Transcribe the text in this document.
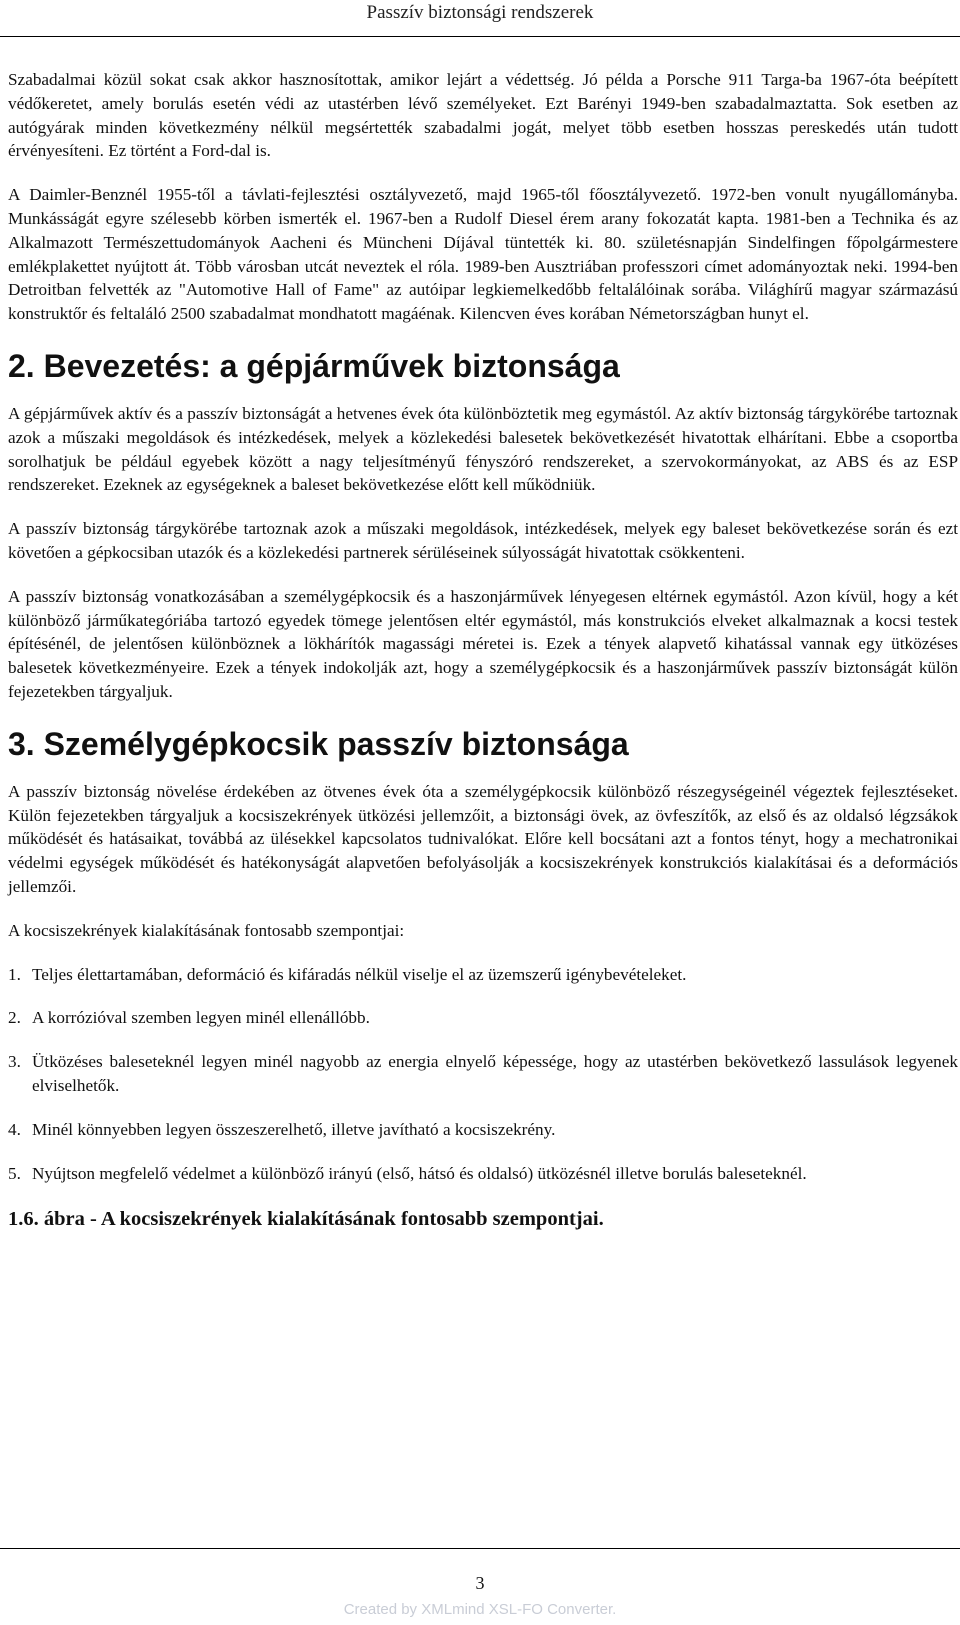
Passzív biztonsági rendszerek

Szabadalmai közül sokat csak akkor hasznosítottak, amikor lejárt a védettség. Jó példa a Porsche 911 Targa-ba 1967-óta beépített védőkeretet, amely borulás esetén védi az utastérben lévő személyeket. Ezt Barényi 1949-ben szabadalmaztatta. Sok esetben az autógyárak minden következmény nélkül megsértették szabadalmi jogát, melyet több esetben hosszas pereskedés után tudott érvényesíteni. Ez történt a Ford-dal is.

A Daimler-Benznél 1955-től a távlati-fejlesztési osztályvezető, majd 1965-től főosztályvezető. 1972-ben vonult nyugállományba. Munkásságát egyre szélesebb körben ismerték el. 1967-ben a Rudolf Diesel érem arany fokozatát kapta. 1981-ben a Technika és az Alkalmazott Természettudományok Aacheni és Müncheni Díjával tüntették ki. 80. születésnapján Sindelfingen főpolgármestere emlékplakettet nyújtott át. Több városban utcát neveztek el róla. 1989-ben Ausztriában professzori címet adományoztak neki. 1994-ben Detroitban felvették az "Automotive Hall of Fame" az autóipar legkiemelkedőbb feltalálóinak sorába. Világhírű magyar származású konstruktőr és feltaláló 2500 szabadalmat mondhatott magáénak. Kilencven éves korában Németországban hunyt el.

2. Bevezetés: a gépjárművek biztonsága

A gépjárművek aktív és a passzív biztonságát a hetvenes évek óta különböztetik meg egymástól. Az aktív biztonság tárgykörébe tartoznak azok a műszaki megoldások és intézkedések, melyek a közlekedési balesetek bekövetkezését hivatottak elhárítani. Ebbe a csoportba sorolhatjuk be például egyebek között a nagy teljesítményű fényszóró rendszereket, a szervokormányokat, az ABS és az ESP rendszereket. Ezeknek az egységeknek a baleset bekövetkezése előtt kell működniük.

A passzív biztonság tárgykörébe tartoznak azok a műszaki megoldások, intézkedések, melyek egy baleset bekövetkezése során és ezt követően a gépkocsiban utazók és a közlekedési partnerek sérüléseinek súlyosságát hivatottak csökkenteni.

A passzív biztonság vonatkozásában a személygépkocsik és a haszonjárművek lényegesen eltérnek egymástól. Azon kívül, hogy a két különböző járműkategóriába tartozó egyedek tömege jelentősen eltér egymástól, más konstrukciós elveket alkalmaznak a kocsi testek építésénél, de jelentősen különböznek a lökhárítók magassági méretei is. Ezek a tények alapvető kihatással vannak egy ütközéses balesetek következményeire. Ezek a tények indokolják azt, hogy a személygépkocsik és a haszonjárművek passzív biztonságát külön fejezetekben tárgyaljuk.

3. Személygépkocsik passzív biztonsága

A passzív biztonság növelése érdekében az ötvenes évek óta a személygépkocsik különböző részegységeinél végeztek fejlesztéseket. Külön fejezetekben tárgyaljuk a kocsiszekrények ütközési jellemzőit, a biztonsági övek, az övfeszítők, az első és az oldalsó légzsákok működését és hatásaikat, továbbá az ülésekkel kapcsolatos tudnivalókat. Előre kell bocsátani azt a fontos tényt, hogy a mechatronikai védelmi egységek működését és hatékonyságát alapvetően befolyásolják a kocsiszekrények konstrukciós kialakításai és a deformációs jellemzői.

A kocsiszekrények kialakításának fontosabb szempontjai:

1. Teljes élettartamában, deformáció és kifáradás nélkül viselje el az üzemszerű igénybevételeket.
2. A korrózióval szemben legyen minél ellenállóbb.
3. Ütközéses baleseteknél legyen minél nagyobb az energia elnyelő képessége, hogy az utastérben bekövetkező lassulások legyenek elviselhetők.
4. Minél könnyebben legyen összeszerelhető, illetve javítható a kocsiszekrény.
5. Nyújtson megfelelő védelmet a különböző irányú (első, hátsó és oldalsó) ütközésnél illetve borulás baleseteknél.
1.6. ábra - A kocsiszekrények kialakításának fontosabb szempontjai.
3
Created by XMLmind XSL-FO Converter.
